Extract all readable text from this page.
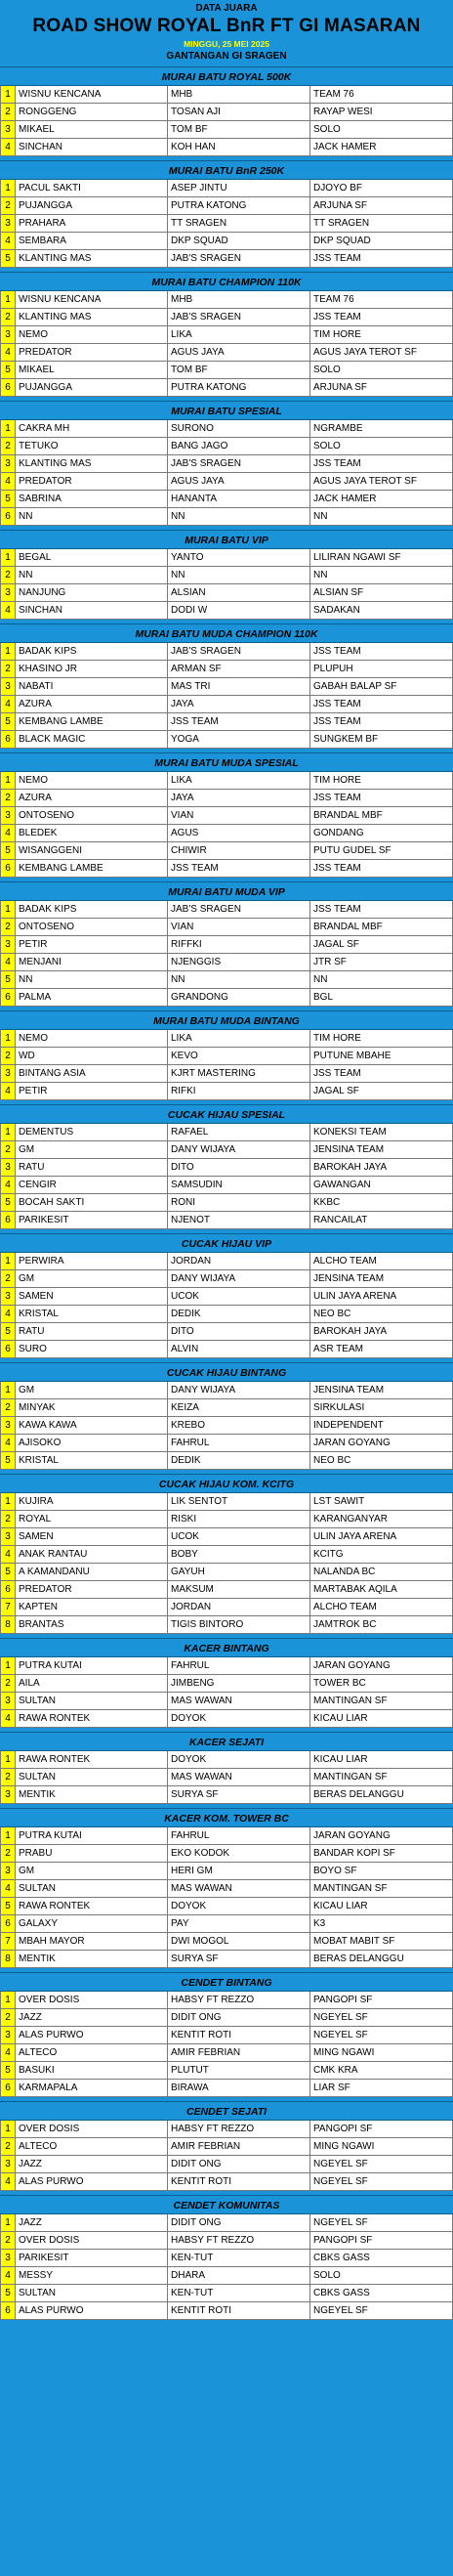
DATA JUARA
ROAD SHOW ROYAL BnR FT GI MASARAN
MINGGU, 25 MEI 2025
GANTANGAN GI SRAGEN
MURAI BATU ROYAL 500K
1 WISNU KENCANA	MHB	TEAM 76
2 RONGGENG	TOSAN AJI	RAYAP WESI
3 MIKAEL	TOM BF	SOLO
4 SINCHAN	KOH HAN	JACK HAMER
MURAI BATU BnR 250K
1 PACUL SAKTI	ASEP JINTU	DJOYO BF
2 PUJANGGA	PUTRA KATONG	ARJUNA SF
3 PRAHARA	TT SRAGEN	TT SRAGEN
4 SEMBARA	DKP SQUAD	DKP SQUAD
5 KLANTING MAS	JAB'S SRAGEN	JSS TEAM
MURAI BATU CHAMPION 110K
1 WISNU KENCANA	MHB	TEAM 76
2 KLANTING MAS	JAB'S SRAGEN	JSS TEAM
3 NEMO	LIKA	TIM HORE
4 PREDATOR	AGUS JAYA	AGUS JAYA TEROT SF
5 MIKAEL	TOM BF	SOLO
6 PUJANGGA	PUTRA KATONG	ARJUNA SF
MURAI BATU SPESIAL
1 CAKRA MH	SURONO	NGRAMBE
2 TETUKO	BANG JAGO	SOLO
3 KLANTING MAS	JAB'S SRAGEN	JSS TEAM
4 PREDATOR	AGUS JAYA	AGUS JAYA TEROT SF
5 SABRINA	HANANTA	JACK HAMER
6 NN	NN	NN
MURAI BATU VIP
1 BEGAL	YANTO	LILIRAN NGAWI SF
2 NN	NN	NN
3 NANJUNG	ALSIAN	ALSIAN SF
4 SINCHAN	DODI W	SADAKAN
MURAI BATU MUDA CHAMPION 110K
1 BADAK KIPS	JAB'S SRAGEN	JSS TEAM
2 KHASINO JR	ARMAN SF	PLUPUH
3 NABATI	MAS TRI	GABAH BALAP SF
4 AZURA	JAYA	JSS TEAM
5 KEMBANG LAMBE	JSS TEAM	JSS TEAM
6 BLACK MAGIC	YOGA	SUNGKEM BF
MURAI BATU MUDA SPESIAL
1 NEMO	LIKA	TIM HORE
2 AZURA	JAYA	JSS TEAM
3 ONTOSENO	VIAN	BRANDAL MBF
4 BLEDEK	AGUS	GONDANG
5 WISANGGENI	CHIWIR	PUTU GUDEL SF
6 KEMBANG LAMBE	JSS TEAM	JSS TEAM
MURAI BATU MUDA VIP
1 BADAK KIPS	JAB'S SRAGEN	JSS TEAM
2 ONTOSENO	VIAN	BRANDAL MBF
3 PETIR	RIFFKI	JAGAL SF
4 MENJANI	NJENGGIS	JTR SF
5 NN	NN	NN
6 PALMA	GRANDONG	BGL
MURAI BATU MUDA BINTANG
1 NEMO	LIKA	TIM HORE
2 WD	KEVO	PUTUNE MBAHE
3 BINTANG ASIA	KJRT MASTERING	JSS TEAM
4 PETIR	RIFKI	JAGAL SF
CUCAK HIJAU SPESIAL
1 DEMENTUS	RAFAEL	KONEKSI TEAM
2 GM	DANY WIJAYA	JENSINA TEAM
3 RATU	DITO	BAROKAH JAYA
4 CENGIR	SAMSUDIN	GAWANGAN
5 BOCAH SAKTI	RONI	KKBC
6 PARIKESIT	NJENOT	RANCAILAT
CUCAK HIJAU VIP
1 PERWIRA	JORDAN	ALCHO TEAM
2 GM	DANY WIJAYA	JENSINA TEAM
3 SAMEN	UCOK	ULIN JAYA ARENA
4 KRISTAL	DEDIK	NEO BC
5 RATU	DITO	BAROKAH JAYA
6 SURO	ALVIN	ASR TEAM
CUCAK HIJAU BINTANG
1 GM	DANY WIJAYA	JENSINA TEAM
2 MINYAK	KEIZA	SIRKULASI
3 KAWA KAWA	KREBO	INDEPENDENT
4 AJISOKO	FAHRUL	JARAN GOYANG
5 KRISTAL	DEDIK	NEO BC
CUCAK HIJAU KOM. KCITG
1 KUJIRA	LIK SENTOT	LST SAWIT
2 ROYAL	RISKI	KARANGANYAR
3 SAMEN	UCOK	ULIN JAYA ARENA
4 ANAK RANTAU	BOBY	KCITG
5 A KAMANDANU	GAYUH	NALANDA BC
6 PREDATOR	MAKSUM	MARTABAK AQILA
7 KAPTEN	JORDAN	ALCHO TEAM
8 BRANTAS	TIGIS BINTORO	JAMTROK BC
KACER BINTANG
1 PUTRA KUTAI	FAHRUL	JARAN GOYANG
2 AILA	JIMBENG	TOWER BC
3 SULTAN	MAS WAWAN	MANTINGAN SF
4 RAWA RONTEK	DOYOK	KICAU LIAR
KACER SEJATI
1 RAWA RONTEK	DOYOK	KICAU LIAR
2 SULTAN	MAS WAWAN	MANTINGAN SF
3 MENTIK	SURYA SF	BERAS DELANGGU
KACER KOM. TOWER BC
1 PUTRA KUTAI	FAHRUL	JARAN GOYANG
2 PRABU	EKO KODOK	BANDAR KOPI SF
3 GM	HERI GM	BOYO SF
4 SULTAN	MAS WAWAN	MANTINGAN SF
5 RAWA RONTEK	DOYOK	KICAU LIAR
6 GALAXY	PAY	K3
7 MBAH MAYOR	DWI MOGOL	MOBAT MABIT SF
8 MENTIK	SURYA SF	BERAS DELANGGU
CENDET BINTANG
1 OVER DOSIS	HABSY FT REZZO	PANGOPI SF
2 JAZZ	DIDIT ONG	NGEYEL SF
3 ALAS PURWO	KENTIT ROTI	NGEYEL SF
4 ALTECO	AMIR FEBRIAN	MING NGAWI
5 BASUKI	PLUTUT	CMK KRA
6 KARMAPALA	BIRAWA	LIAR SF
CENDET SEJATI
1 OVER DOSIS	HABSY FT REZZO	PANGOPI SF
2 ALTECO	AMIR FEBRIAN	MING NGAWI
3 JAZZ	DIDIT ONG	NGEYEL SF
4 ALAS PURWO	KENTIT ROTI	NGEYEL SF
CENDET KOMUNITAS
1 JAZZ	DIDIT ONG	NGEYEL SF
2 OVER DOSIS	HABSY FT REZZO	PANGOPI SF
3 PARIKESIT	KEN-TUT	CBKS GASS
4 MESSY	DHARA	SOLO
5 SULTAN	KEN-TUT	CBKS GASS
6 ALAS PURWO	KENTIT ROTI	NGEYEL SF
